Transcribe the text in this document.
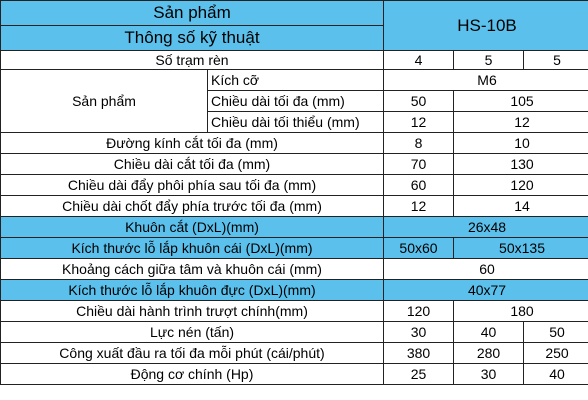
Sản phẩm		HS-10B		
Thông số kỹ thuật				
Số trạm rèn		4	5	5
Sản phẩm	Kích cỡ	M6		
	Chiều dài tối đa (mm)	50	105	
	Chiều dài tối thiểu (mm)	12	12	
Đường kính cắt tối đa (mm)		8	10	
Chiều dài cắt tối đa (mm)		70	130	
Chiều dài đẩy phôi phía sau tối đa (mm)		60	120	
Chiều dài chốt đẩy phía trước tối đa (mm)		12	14	
Khuôn cắt (DxL)(mm)		26x48		
Kích thước lỗ lắp khuôn cái (DxL)(mm)		50x60	50x135	
Khoảng cách giữa tâm và khuôn cái (mm)		60		
Kích thước lỗ lắp khuôn đực (DxL)(mm)		40x77		
Chiều dài hành trình trượt chính(mm)		120	180	
Lực nén (tấn)		30	40	50
Công xuất đầu ra tối đa mỗi phút (cái/phút)		380	280	250
Động cơ chính (Hp)		25	30	40
